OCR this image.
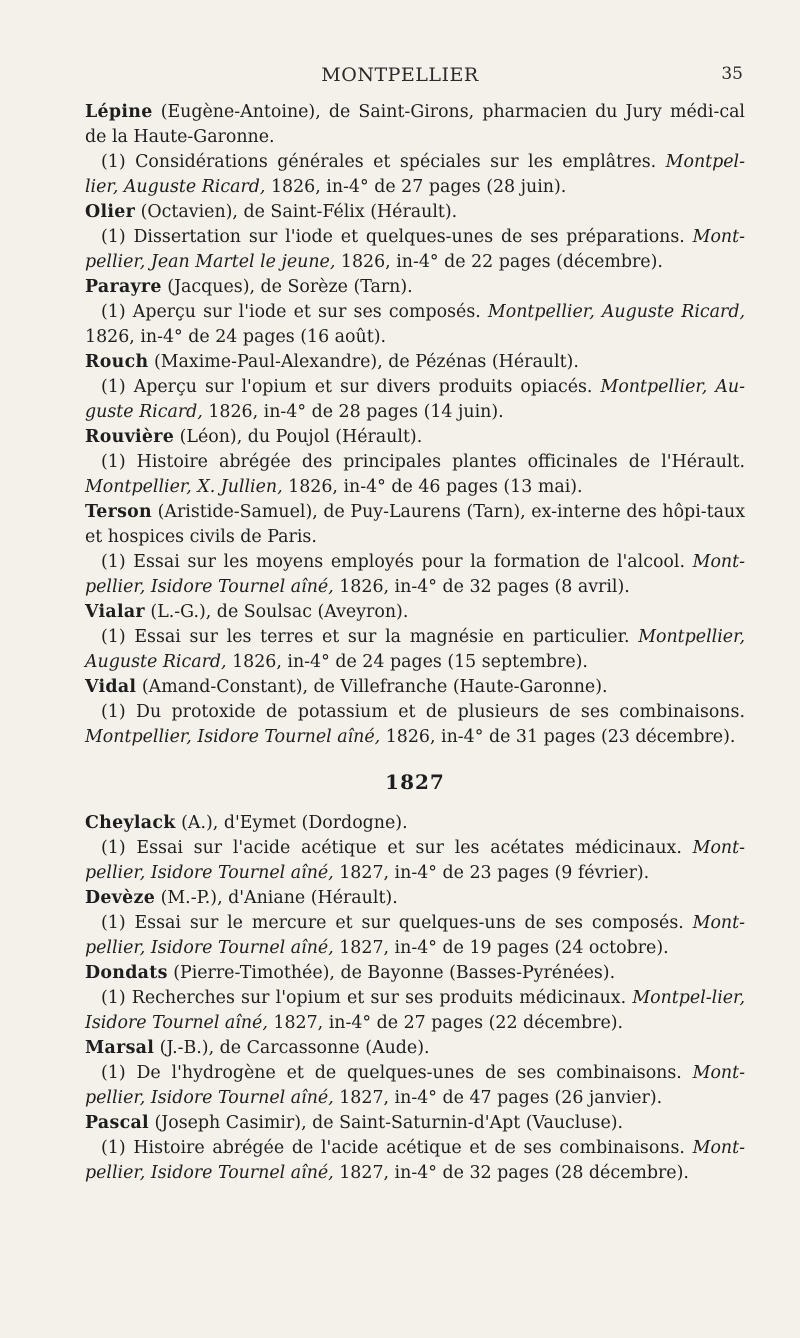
MONTPELLIER	35

Lépine (Eugène-Antoine), de Saint-Girons, pharmacien du Jury médi-cal de la Haute-Garonne.

(1) Considérations générales et spéciales sur les emplâtres. Montpel-lier, Auguste Ricard, 1826, in-4° de 27 pages (28 juin).

Olier (Octavien), de Saint-Félix (Hérault).

(1) Dissertation sur l'iode et quelques-unes de ses préparations. Mont-pellier, Jean Martel le jeune, 1826, in-4° de 22 pages (décembre).

Parayre (Jacques), de Sorèze (Tarn).

(1) Aperçu sur l'iode et sur ses composés. Montpellier, Auguste Ricard, 1826, in-4° de 24 pages (16 août).

Rouch (Maxime-Paul-Alexandre), de Pézénas (Hérault).

(1) Aperçu sur l'opium et sur divers produits opiacés. Montpellier, Au-guste Ricard, 1826, in-4° de 28 pages (14 juin).

Rouvière (Léon), du Poujol (Hérault).

(1) Histoire abrégée des principales plantes officinales de l'Hérault. Montpellier, X. Jullien, 1826, in-4° de 46 pages (13 mai).

Terson (Aristide-Samuel), de Puy-Laurens (Tarn), ex-interne des hôpi-taux et hospices civils de Paris.

(1) Essai sur les moyens employés pour la formation de l'alcool. Mont-pellier, Isidore Tournel aîné, 1826, in-4° de 32 pages (8 avril).

Vialar (L.-G.), de Soulsac (Aveyron).

(1) Essai sur les terres et sur la magnésie en particulier. Montpellier, Auguste Ricard, 1826, in-4° de 24 pages (15 septembre).

Vidal (Amand-Constant), de Villefranche (Haute-Garonne).

(1) Du protoxide de potassium et de plusieurs de ses combinaisons. Montpellier, Isidore Tournel aîné, 1826, in-4° de 31 pages (23 décembre).

1827

Cheylack (A.), d'Eymet (Dordogne).

(1) Essai sur l'acide acétique et sur les acétates médicinaux. Mont-pellier, Isidore Tournel aîné, 1827, in-4° de 23 pages (9 février).

Devèze (M.-P.), d'Aniane (Hérault).

(1) Essai sur le mercure et sur quelques-uns de ses composés. Mont-pellier, Isidore Tournel aîné, 1827, in-4° de 19 pages (24 octobre).

Dondats (Pierre-Timothée), de Bayonne (Basses-Pyrénées).

(1) Recherches sur l'opium et sur ses produits médicinaux. Montpel-lier, Isidore Tournel aîné, 1827, in-4° de 27 pages (22 décembre).

Marsal (J.-B.), de Carcassonne (Aude).

(1) De l'hydrogène et de quelques-unes de ses combinaisons. Mont-pellier, Isidore Tournel aîné, 1827, in-4° de 47 pages (26 janvier).

Pascal (Joseph Casimir), de Saint-Saturnin-d'Apt (Vaucluse).

(1) Histoire abrégée de l'acide acétique et de ses combinaisons. Mont-pellier, Isidore Tournel aîné, 1827, in-4° de 32 pages (28 décembre).
